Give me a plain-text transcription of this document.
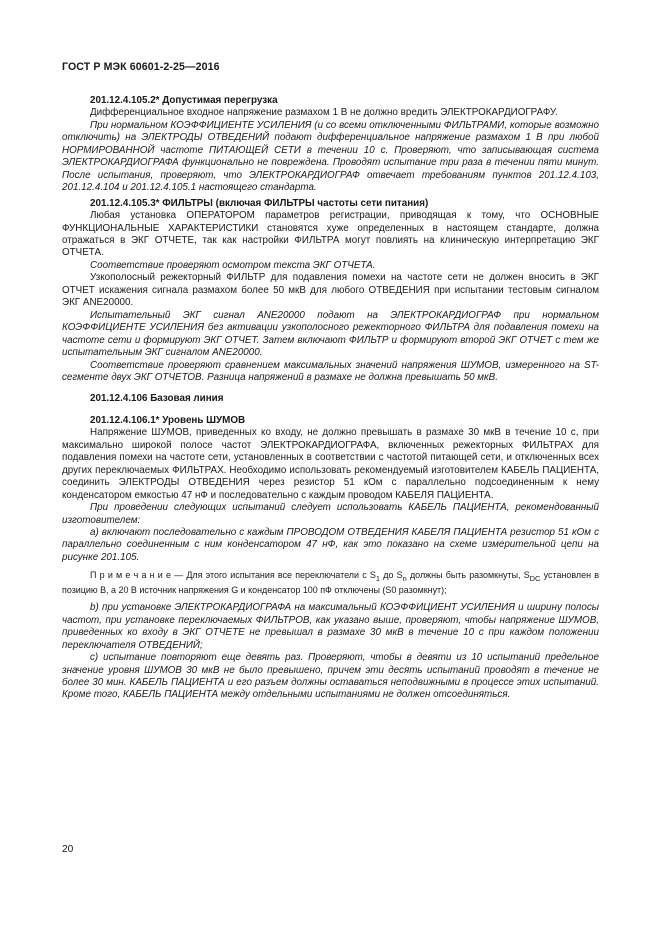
ГОСТ Р МЭК 60601-2-25—2016

201.12.4.105.2* Допустимая перегрузка

Дифференциальное входное напряжение размахом 1 В не должно вредить ЭЛЕКТРОКАРДИОГРАФУ.

При нормальном КОЭФФИЦИЕНТЕ УСИЛЕНИЯ (и со всеми отключенными ФИЛЬТРАМИ, которые возможно отключить) на ЭЛЕКТРОДЫ ОТВЕДЕНИЙ подают дифференциальное напряжение размахом 1 В при любой НОРМИРОВАННОЙ частоте ПИТАЮЩЕЙ СЕТИ в течении 10 с. Проверяют, что записывающая система ЭЛЕКТРОКАРДИОГРАФА функционально не повреждена. Проводят испытание три раза в течении пяти минут. После испытания, проверяют, что ЭЛЕКТРОКАРДИОГРАФ отвечает требованиям пунктов 201.12.4.103, 201.12.4.104 и 201.12.4.105.1 настоящего стандарта.

201.12.4.105.3* ФИЛЬТРЫ (включая ФИЛЬТРЫ частоты сети питания)

Любая установка ОПЕРАТОРОМ параметров регистрации, приводящая к тому, что ОСНОВНЫЕ ФУНКЦИОНАЛЬНЫЕ ХАРАКТЕРИСТИКИ становятся хуже определенных в настоящем стандарте, должна отражаться в ЭКГ ОТЧЕТЕ, так как настройки ФИЛЬТРА могут повлиять на клиническую интерпретацию ЭКГ ОТЧЕТА.

Соответствие проверяют осмотром текста ЭКГ ОТЧЕТА.

Узкополосный режекторный ФИЛЬТР для подавления помехи на частоте сети не должен вносить в ЭКГ ОТЧЕТ искажения сигнала размахом более 50 мкВ для любого ОТВЕДЕНИЯ при испытании тестовым сигналом ЭКГ ANE20000.

Испытательный ЭКГ сигнал ANE20000 подают на ЭЛЕКТРОКАРДИОГРАФ при нормальном КОЭФФИЦИЕНТЕ УСИЛЕНИЯ без активации узкополосного режекторного ФИЛЬТРА для подавления помехи на частоте сети и формируют ЭКГ ОТЧЕТ. Затем включают ФИЛЬТР и формируют второй ЭКГ ОТЧЕТ с тем же испытательным ЭКГ сигналом ANE20000.

Соответствие проверяют сравнением максимальных значений напряжения ШУМОВ, измеренного на ST-сегменте двух ЭКГ ОТЧЕТОВ. Разница напряжений в размахе не должна превышать 50 мкВ.

201.12.4.106 Базовая линия

201.12.4.106.1* Уровень ШУМОВ

Напряжение ШУМОВ, приведенных ко входу, не должно превышать в размахе 30 мкВ в течение 10 с, при максимально широкой полосе частот ЭЛЕКТРОКАРДИОГРАФА, включенных режекторных ФИЛЬТРАХ для подавления помехи на частоте сети, установленных в соответствии с частотой питающей сети, и отключенных всех других переключаемых ФИЛЬТРАХ. Необходимо использовать рекомендуемый изготовителем КАБЕЛЬ ПАЦИЕНТА, соединить ЭЛЕКТРОДЫ ОТВЕДЕНИЯ через резистор 51 кОм с параллельно подсоединенным к нему конденсатором емкостью 47 нФ и последовательно с каждым проводом КАБЕЛЯ ПАЦИЕНТА.

При проведении следующих испытаний следует использовать КАБЕЛЬ ПАЦИЕНТА, рекомендованный изготовителем:

a) включают последовательно с каждым ПРОВОДОМ ОТВЕДЕНИЯ КАБЕЛЯ ПАЦИЕНТА резистор 51 кОм с параллельно соединенным с ним конденсатором 47 нФ, как это показано на схеме измерительной цепи на рисунке 201.105.

П р и м е ч а н и е — Для этого испытания все переключатели с $S_1$ до $S_n$ должны быть разомкнуты, $S_{DC}$ установлен в позицию B, а 20 В источник напряжения G и конденсатор 100 пФ отключены (S0 разомкнут);

b) при установке ЭЛЕКТРОКАРДИОГРАФА на максимальный КОЭФФИЦИЕНТ УСИЛЕНИЯ и ширину полосы частот, при установке переключаемых ФИЛЬТРОВ, как указано выше, проверяют, чтобы напряжение ШУМОВ, приведенных ко входу в ЭКГ ОТЧЕТЕ не превышал в размахе 30 мкВ в течение 10 с при каждом положении переключателя ОТВЕДЕНИЙ;

c) испытание повторяют еще девять раз. Проверяют, чтобы в девяти из 10 испытаний предельное значение уровня ШУМОВ 30 мкВ не было превышено, причем эти десять испытаний проводят в течение не более 30 мин. КАБЕЛЬ ПАЦИЕНТА и его разъем должны оставаться неподвижными в процессе этих испытаний. Кроме того, КАБЕЛЬ ПАЦИЕНТА между отдельными испытаниями не должен отсоединяться.

20
